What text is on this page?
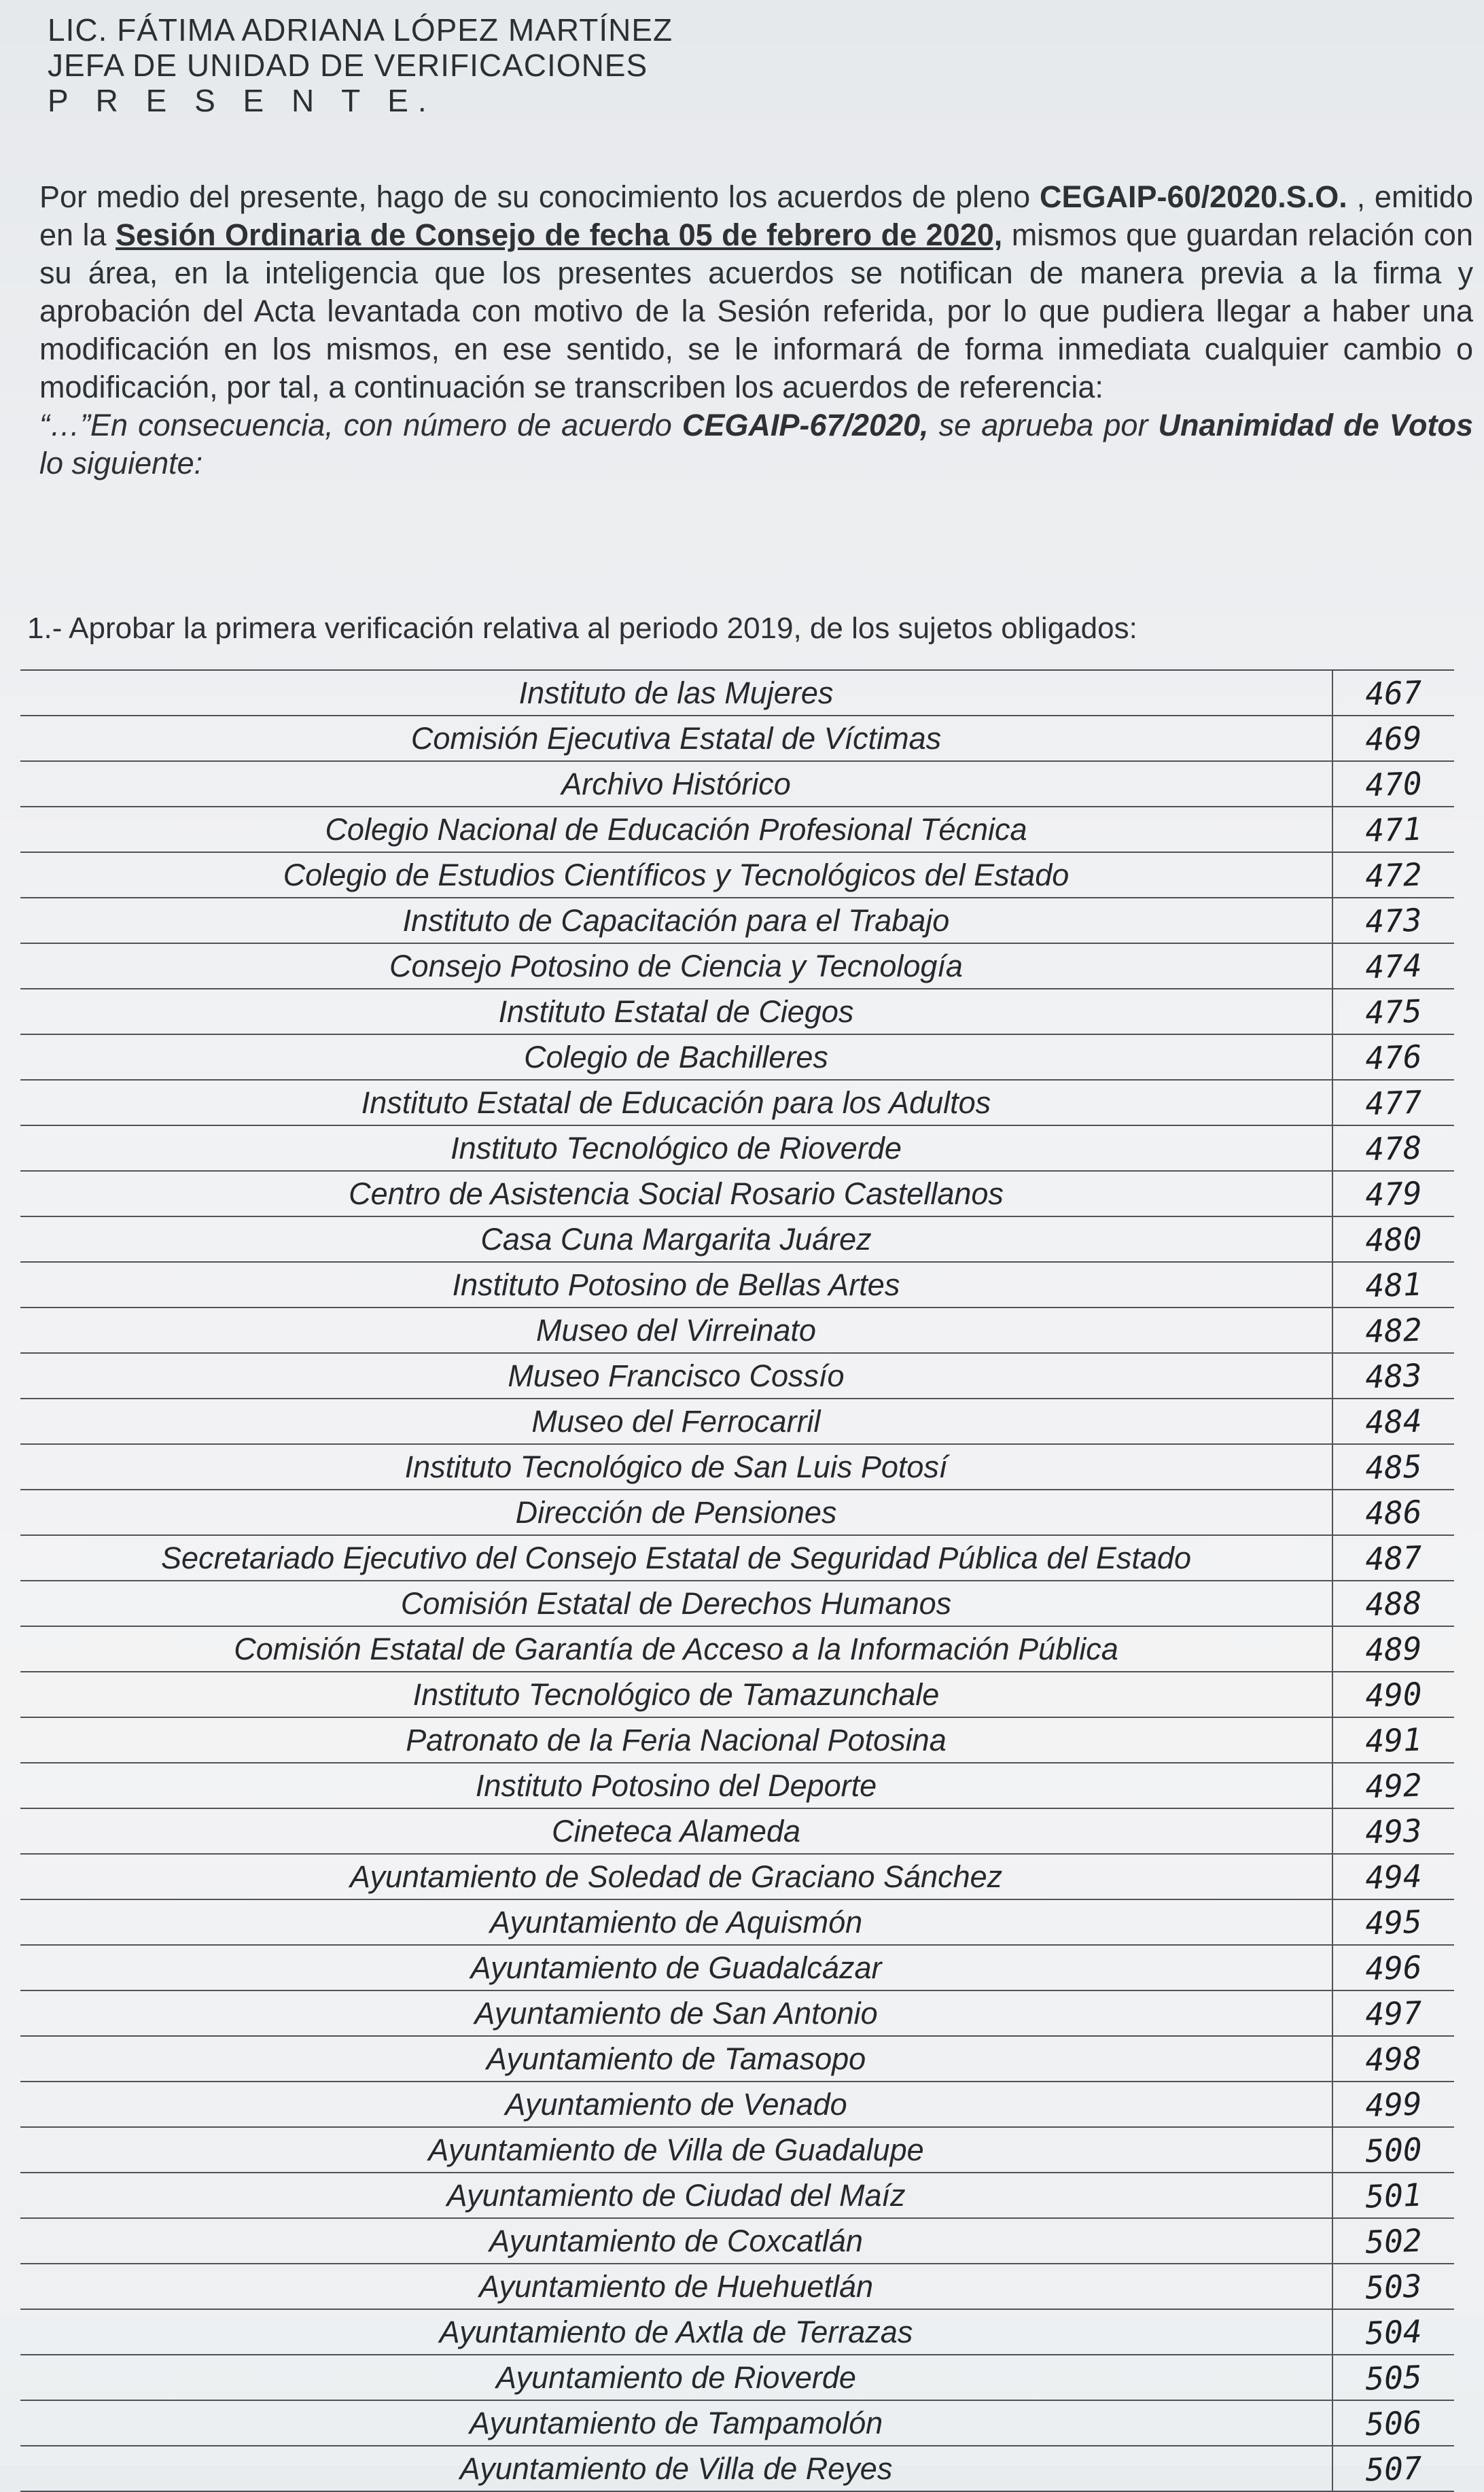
LIC. FÁTIMA ADRIANA LÓPEZ MARTÍNEZ
JEFA DE UNIDAD DE VERIFICACIONES
P R E S E N T E.

Por medio del presente, hago de su conocimiento los acuerdos de pleno CEGAIP-60/2020.S.O. , emitido en la Sesión Ordinaria de Consejo de fecha 05 de febrero de 2020, mismos que guardan relación con su área, en la inteligencia que los presentes acuerdos se notifican de manera previa a la firma y aprobación del Acta levantada con motivo de la Sesión referida, por lo que pudiera llegar a haber una modificación en los mismos, en ese sentido, se le informará de forma inmediata cualquier cambio o modificación, por tal, a continuación se transcriben los acuerdos de referencia:

“…”En consecuencia, con número de acuerdo CEGAIP-67/2020, se aprueba por Unanimidad de Votos lo siguiente:

1.- Aprobar la primera verificación relativa al periodo 2019, de los sujetos obligados:
Instituto de las Mujeres	467
Comisión Ejecutiva Estatal de Víctimas	469
Archivo Histórico	470
Colegio Nacional de Educación Profesional Técnica	471
Colegio de Estudios Científicos y Tecnológicos del Estado	472
Instituto de Capacitación para el Trabajo	473
Consejo Potosino de Ciencia y Tecnología	474
Instituto Estatal de Ciegos	475
Colegio de Bachilleres	476
Instituto Estatal de Educación para los Adultos	477
Instituto Tecnológico de Rioverde	478
Centro de Asistencia Social Rosario Castellanos	479
Casa Cuna Margarita Juárez	480
Instituto Potosino de Bellas Artes	481
Museo del Virreinato	482
Museo Francisco Cossío	483
Museo del Ferrocarril	484
Instituto Tecnológico de San Luis Potosí	485
Dirección de Pensiones	486
Secretariado Ejecutivo del Consejo Estatal de Seguridad Pública del Estado	487
Comisión Estatal de Derechos Humanos	488
Comisión Estatal de Garantía de Acceso a la Información Pública	489
Instituto Tecnológico de Tamazunchale	490
Patronato de la Feria Nacional Potosina	491
Instituto Potosino del Deporte	492
Cineteca Alameda	493
Ayuntamiento de Soledad de Graciano Sánchez	494
Ayuntamiento de Aquismón	495
Ayuntamiento de Guadalcázar	496
Ayuntamiento de San Antonio	497
Ayuntamiento de Tamasopo	498
Ayuntamiento de Venado	499
Ayuntamiento de Villa de Guadalupe	500
Ayuntamiento de Ciudad del Maíz	501
Ayuntamiento de Coxcatlán	502
Ayuntamiento de Huehuetlán	503
Ayuntamiento de Axtla de Terrazas	504
Ayuntamiento de Rioverde	505
Ayuntamiento de Tampamolón	506
Ayuntamiento de Villa de Reyes	507
